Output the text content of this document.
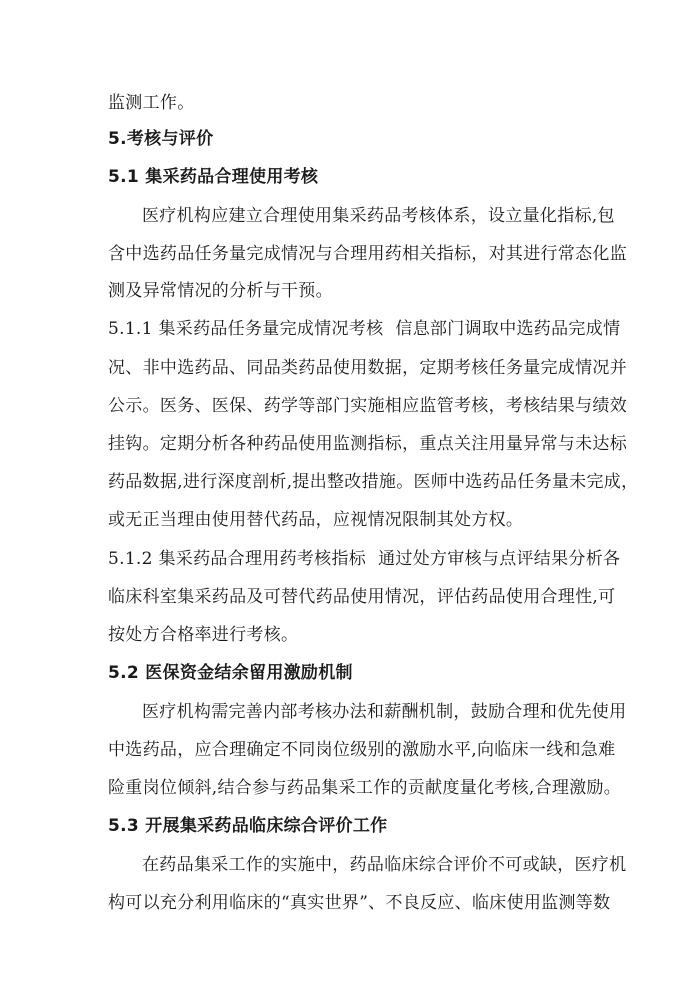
监测工作。
5.考核与评价
5.1 集采药品合理使用考核
医疗机构应建立合理使用集采药品考核体系，设立量化指标,包
含中选药品任务量完成情况与合理用药相关指标，对其进行常态化监
测及异常情况的分析与干预。
5.1.1 集采药品任务量完成情况考核 信息部门调取中选药品完成情
况、非中选药品、同品类药品使用数据，定期考核任务量完成情况并
公示。医务、医保、药学等部门实施相应监管考核，考核结果与绩效
挂钩。定期分析各种药品使用监测指标，重点关注用量异常与未达标
药品数据,进行深度剖析,提出整改措施。医师中选药品任务量未完成，
或无正当理由使用替代药品，应视情况限制其处方权。
5.1.2 集采药品合理用药考核指标 通过处方审核与点评结果分析各
临床科室集采药品及可替代药品使用情况，评估药品使用合理性,可
按处方合格率进行考核。
5.2 医保资金结余留用激励机制
医疗机构需完善内部考核办法和薪酬机制，鼓励合理和优先使用
中选药品，应合理确定不同岗位级别的激励水平,向临床一线和急难
险重岗位倾斜,结合参与药品集采工作的贡献度量化考核,合理激励。
5.3 开展集采药品临床综合评价工作
在药品集采工作的实施中，药品临床综合评价不可或缺，医疗机
构可以充分利用临床的“真实世界”、不良反应、临床使用监测等数
